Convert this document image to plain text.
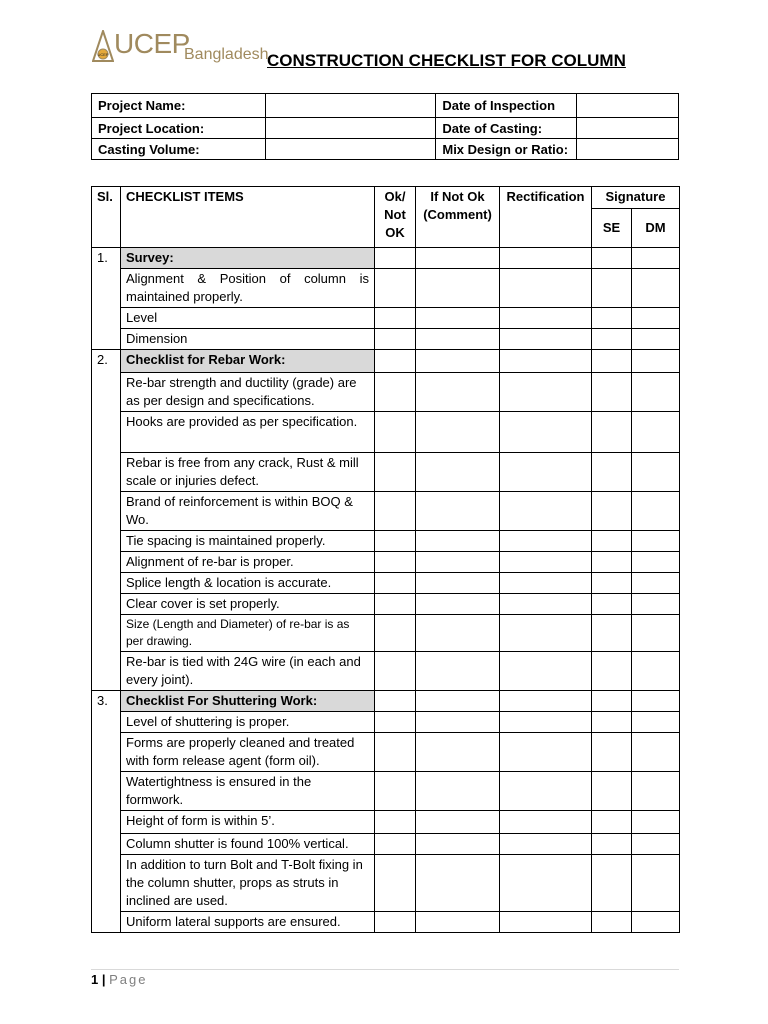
UCEP UCEP
Bangladesh
CONSTRUCTION CHECKLIST FOR COLUMN
Project Name:		Date of Inspection	
Project Location:		Date of Casting:	
Casting Volume:		Mix Design or Ratio:	
Sl.	CHECKLIST ITEMS	Ok/ Not OK	If Not Ok (Comment)	Rectification	Signature	
					SE	DM
1.	Survey:					
	Alignment & Position of column is maintained properly.					
	Level					
	Dimension					
2.	Checklist for Rebar Work:					
	Re-bar strength and ductility (grade) are as per design and specifications.					
	Hooks are provided as per specification.					
	Rebar is free from any crack, Rust & mill scale or injuries defect.					
	Brand of reinforcement is within BOQ & Wo.					
	Tie spacing is maintained properly.					
	Alignment of re-bar is proper.					
	Splice length & location is accurate.					
	Clear cover is set properly.					
	Size (Length and Diameter) of re-bar is as per drawing.					
	Re-bar is tied with 24G wire (in each and every joint).					
3.	Checklist For Shuttering Work:					
	Level of shuttering is proper.					
	Forms are properly cleaned and treated with form release agent (form oil).					
	Watertightness is ensured in the formwork.					
	Height of form is within 5’.					
	Column shutter is found 100% vertical.					
	In addition to turn Bolt and T-Bolt fixing in the column shutter, props as struts in inclined are used.					
	Uniform lateral supports are ensured.					
1 | Page
